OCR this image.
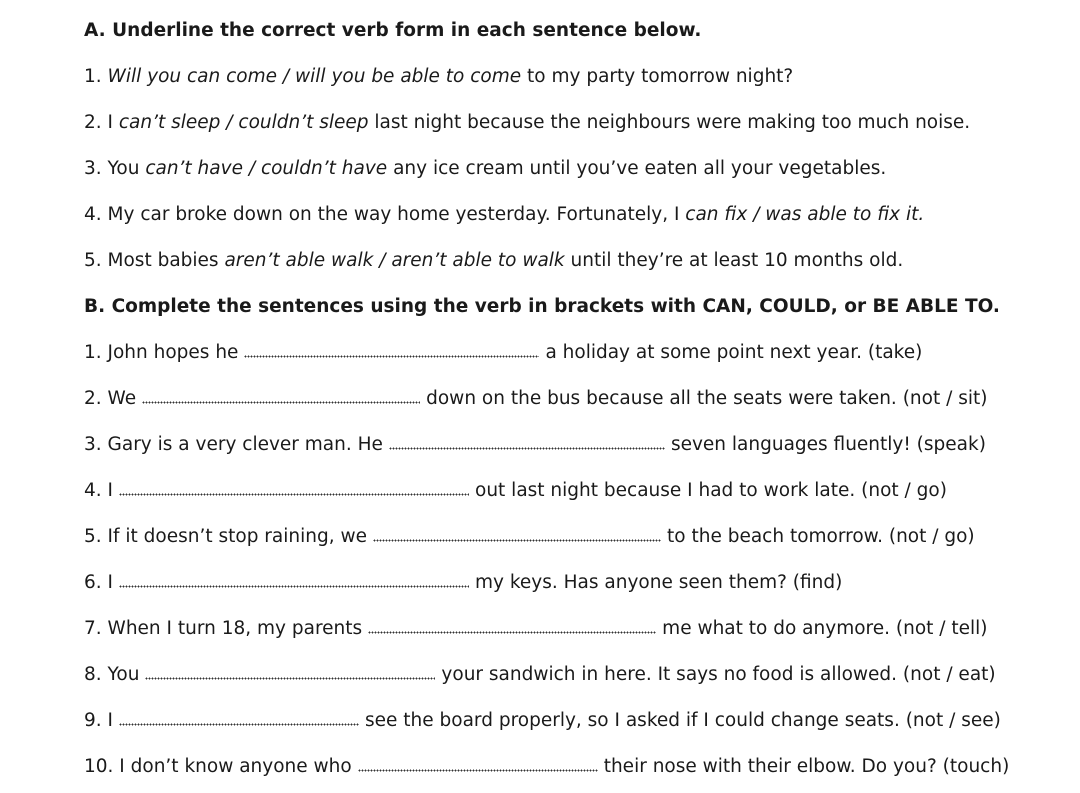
A. Underline the correct verb form in each sentence below.
1. Will you can come / will you be able to come to my party tomorrow night?
2. I can’t sleep / couldn’t sleep last night because the neighbours were making too much noise.
3. You can’t have / couldn’t have any ice cream until you’ve eaten all your vegetables.
4. My car broke down on the way home yesterday. Fortunately, I can fix / was able to fix it.
5. Most babies aren’t able walk / aren’t able to walk until they’re at least 10 months old.
B. Complete the sentences using the verb in brackets with CAN, COULD, or BE ABLE TO.
1. John hopes he	a holiday at some point next year. (take)
2. We	down on the bus because all the seats were taken. (not / sit)
3. Gary is a very clever man. He	seven languages fluently! (speak)
4. I	out last night because I had to work late. (not / go)
5. If it doesn’t stop raining, we	to the beach tomorrow. (not / go)
6. I	my keys. Has anyone seen them? (find)
7. When I turn 18, my parents	me what to do anymore. (not / tell)
8. You	your sandwich in here. It says no food is allowed. (not / eat)
9. I	see the board properly, so I asked if I could change seats. (not / see)
10. I don’t know anyone who	their nose with their elbow. Do you? (touch)
